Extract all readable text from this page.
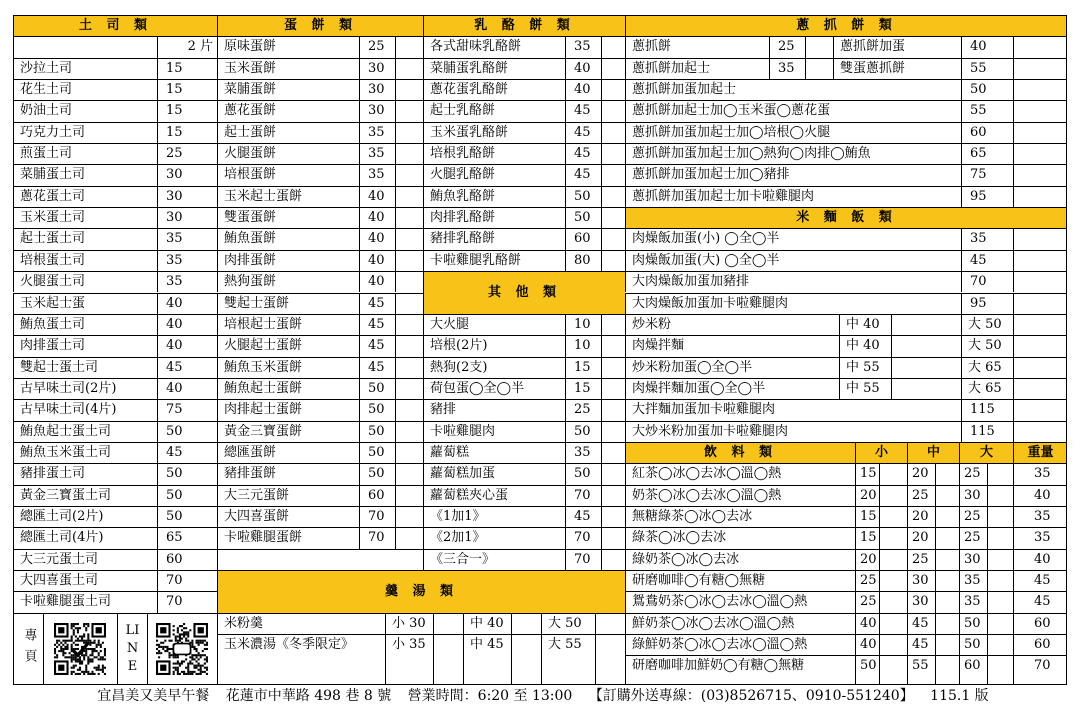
土 司 類	蛋 餅 類	乳 酪 餅 類	蔥 抓 餅 類
2 片
沙拉土司	15
花生土司	15
奶油土司	15
巧克力土司	15
煎蛋土司	25
菜脯蛋土司	30
蔥花蛋土司	30
玉米蛋土司	30
起士蛋土司	35
培根蛋土司	35
火腿蛋土司	35
玉米起士蛋	40
鮪魚蛋土司	40
肉排蛋土司	40
雙起士蛋土司	45
古早味土司(2片)	40
古早味土司(4片)	75
鮪魚起士蛋土司	50
鮪魚玉米蛋土司	45
豬排蛋土司	50
黃金三寶蛋土司	50
總匯土司(2片)	50
總匯土司(4片)	65
大三元蛋土司	60
大四喜蛋土司	70
卡啦雞腿蛋土司	70
專頁	LINE
原味蛋餅	25
玉米蛋餅	30
菜脯蛋餅	30
蔥花蛋餅	30
起士蛋餅	35
火腿蛋餅	35
培根蛋餅	35
玉米起士蛋餅	40
雙蛋蛋餅	40
鮪魚蛋餅	40
肉排蛋餅	40
熱狗蛋餅	40
雙起士蛋餅	45
培根起士蛋餅	45
火腿起士蛋餅	45
鮪魚玉米蛋餅	45
鮪魚起士蛋餅	50
肉排起士蛋餅	50
黃金三寶蛋餅	50
總匯蛋餅	50
豬排蛋餅	50
大三元蛋餅	60
大四喜蛋餅	70
卡啦雞腿蛋餅	70
各式甜味乳酪餅	35
菜脯蛋乳酪餅	40
蔥花蛋乳酪餅	40
起士乳酪餅	45
玉米蛋乳酪餅	45
培根乳酪餅	45
火腿乳酪餅	45
鮪魚乳酪餅	50
肉排乳酪餅	50
豬排乳酪餅	60
卡啦雞腿乳酪餅	80
其 他 類
大火腿	10
培根(2片)	10
熱狗(2支)	15
荷包蛋◯全◯半	15
豬排	25
卡啦雞腿肉	50
蘿蔔糕	35
蘿蔔糕加蛋	50
蘿蔔糕夾心蛋	70
《1加1》	45
《2加1》	70
《三合一》	70
羹 湯 類
米粉羹	小 30	中 40	大 50
玉米濃湯《冬季限定》	小 35	中 45	大 55
蔥抓餅	25	蔥抓餅加蛋	40
蔥抓餅加起士	35	雙蛋蔥抓餅	55
蔥抓餅加蛋加起士	50
蔥抓餅加起士加◯玉米蛋◯蔥花蛋	55
蔥抓餅加蛋加起士加◯培根◯火腿	60
蔥抓餅加蛋加起士加◯熱狗◯肉排◯鮪魚	65
蔥抓餅加蛋加起士加◯豬排	75
蔥抓餅加蛋加起士加卡啦雞腿肉	95
米 麵 飯 類
肉燥飯加蛋(小) ◯全◯半	35
肉燥飯加蛋(大) ◯全◯半	45
大肉燥飯加蛋加豬排	70
大肉燥飯加蛋加卡啦雞腿肉	95
炒米粉	中 40	大 50
肉燥拌麵	中 40	大 50
炒米粉加蛋◯全◯半	中 55	大 65
肉燥拌麵加蛋◯全◯半	中 55	大 65
大拌麵加蛋加卡啦雞腿肉	115
大炒米粉加蛋加卡啦雞腿肉	115
飲 料 類	小	中	大	重量
紅茶◯冰◯去冰◯溫◯熱	15	20	25	35
奶茶◯冰◯去冰◯溫◯熱	20	25	30	40
無糖綠茶◯冰◯去冰	15	20	25	35
綠茶◯冰◯去冰	15	20	25	35
綠奶茶◯冰◯去冰	20	25	30	40
研磨咖啡◯有糖◯無糖	25	30	35	45
鴛鴦奶茶◯冰◯去冰◯溫◯熱	25	30	35	45
鮮奶茶◯冰◯去冰◯溫◯熱	40	45	50	60
綠鮮奶茶◯冰◯去冰◯溫◯熱	40	45	50	60
研磨咖啡加鮮奶◯有糖◯無糖	50	55	60	70
宜昌美又美早午餐 花蓮市中華路 498 巷 8 號 營業時間：6:20 至 13:00 【訂購外送專線：(03)8526715、0910-551240】 115.1 版
